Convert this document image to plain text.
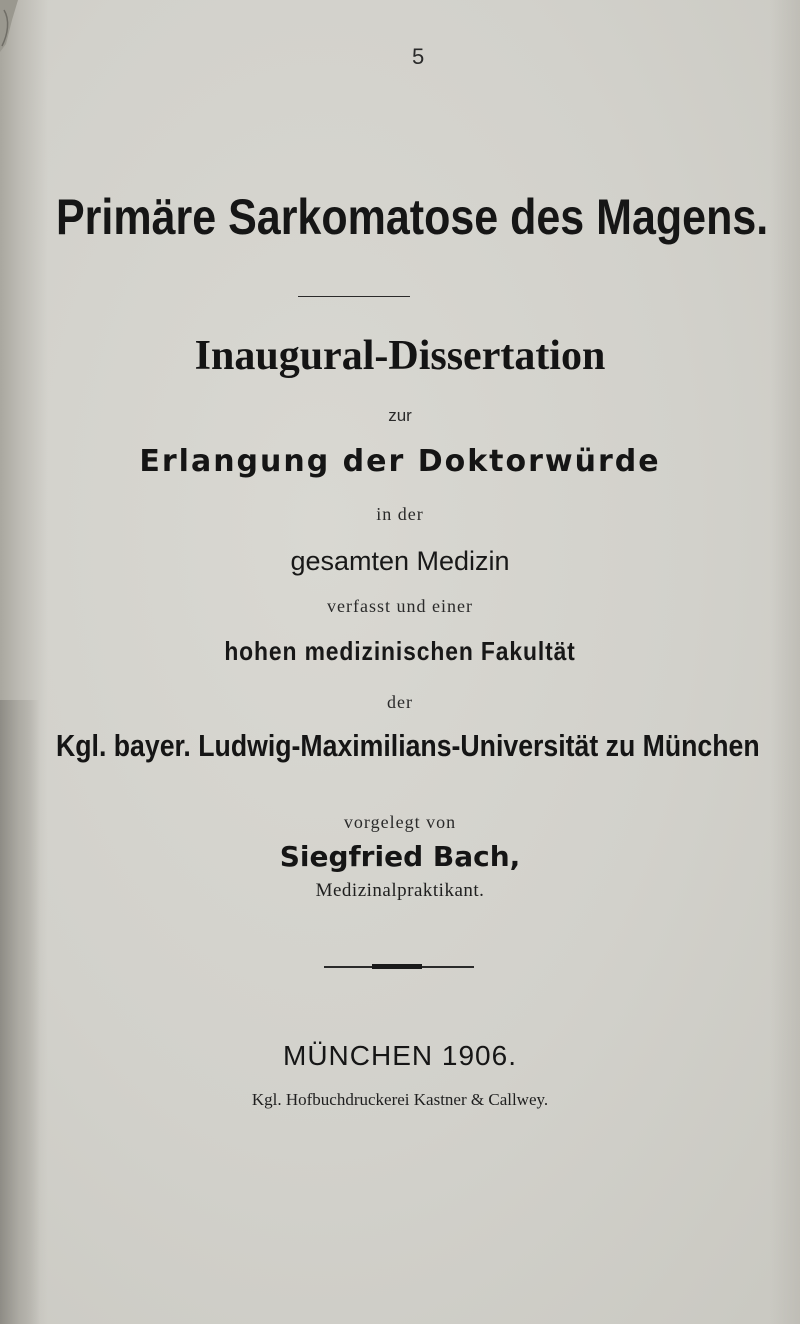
5
Primäre Sarkomatose des Magens.
Inaugural-Dissertation
zur
Erlangung der Doktorwürde
in der
gesamten Medizin
verfasst und einer
hohen medizinischen Fakultät
der
Kgl. bayer. Ludwig-Maximilians-Universität zu München
vorgelegt von
Siegfried Bach,
Medizinalpraktikant.
MÜNCHEN 1906.
Kgl. Hofbuchdruckerei Kastner & Callwey.
